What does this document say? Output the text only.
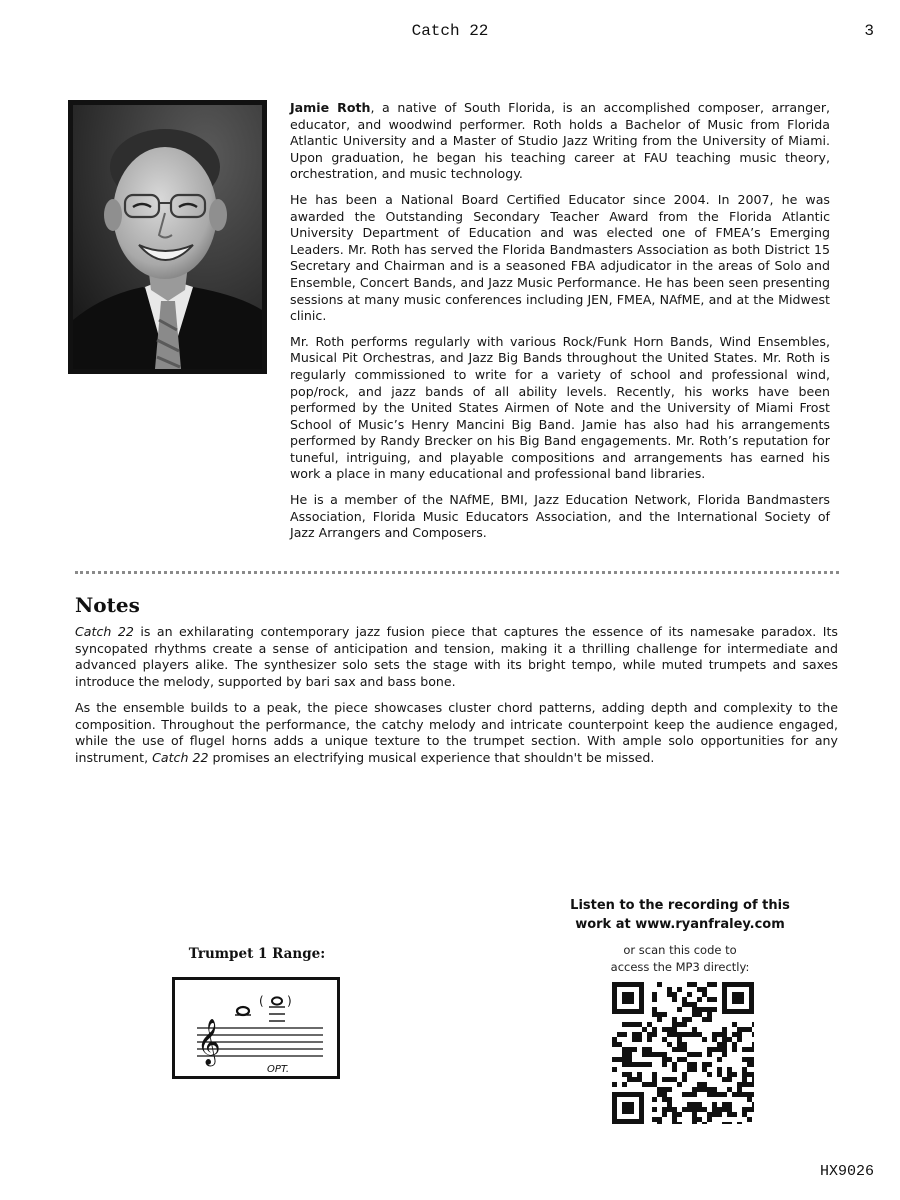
Catch 22	3

Jamie Roth, a native of South Florida, is an accomplished composer, arranger, educator, and woodwind performer. Roth holds a Bachelor of Music from Florida Atlantic University and a Master of Studio Jazz Writing from the University of Miami. Upon graduation, he began his teaching career at FAU teaching music theory, orchestration, and music technology.

He has been a National Board Certified Educator since 2004. In 2007, he was awarded the Outstanding Secondary Teacher Award from the Florida Atlantic University Department of Education and was elected one of FMEA’s Emerging Leaders. Mr. Roth has served the Florida Bandmasters Association as both District 15 Secretary and Chairman and is a seasoned FBA adjudicator in the areas of Solo and Ensemble, Concert Bands, and Jazz Music Performance. He has been seen presenting sessions at many music conferences including JEN, FMEA, NAfME, and at the Midwest clinic.

Mr. Roth performs regularly with various Rock/Funk Horn Bands, Wind Ensembles, Musical Pit Orchestras, and Jazz Big Bands throughout the United States. Mr. Roth is regularly commissioned to write for a variety of school and professional wind, pop/rock, and jazz bands of all ability levels. Recently, his works have been performed by the United States Airmen of Note and the University of Miami Frost School of Music’s Henry Mancini Big Band. Jamie has also had his arrangements performed by Randy Brecker on his Big Band engagements. Mr. Roth’s reputation for tuneful, intriguing, and playable compositions and arrangements has earned his work a place in many educational and professional band libraries.

He is a member of the NAfME, BMI, Jazz Education Network, Florida Bandmasters Association, Florida Music Educators Association, and the International Society of Jazz Arrangers and Composers.

Notes

Catch 22 is an exhilarating contemporary jazz fusion piece that captures the essence of its namesake paradox. Its syncopated rhythms create a sense of anticipation and tension, making it a thrilling challenge for intermediate and advanced players alike. The synthesizer solo sets the stage with its bright tempo, while muted trumpets and saxes introduce the melody, supported by bari sax and bass bone.

As the ensemble builds to a peak, the piece showcases cluster chord patterns, adding depth and complexity to the composition. Throughout the performance, the catchy melody and intricate counterpoint keep the audience engaged, while the use of flugel horns adds a unique texture to the trumpet section. With ample solo opportunities for any instrument, Catch 22 promises an electrifying musical experience that shouldn't be missed.

Trumpet 1 Range:
𝄞
( )
OPT.
Listen to the recording of this
work at www.ryanfraley.com
or scan this code to
access the MP3 directly:
HX9026
